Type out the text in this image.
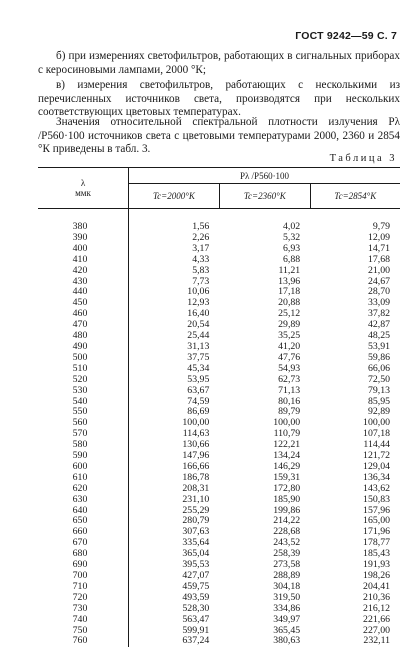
ГОСТ 9242—59 С. 7
б) при измерениях светофильтров, работающих в сигнальных приборах с керосиновыми лампами, 2000 °К;
в) измерения светофильтров, работающих с несколькими из перечисленных источников света, производятся при нескольких соответствующих цветовых температурах.
Значения относительной спектральной плотности излучения Pλ /P560·100 источников света с цветовыми температурами 2000, 2360 и 2854 °К приведены в табл. 3.
Таблица 3
λ
ммк	Pλ /P560·100		
	Tc=2000°К	Tc=2360°К	Tc=2854°К

380	1,56	4,02	9,79
390	2,26	5,32	12,09
400	3,17	6,93	14,71
410	4,33	6,88	17,68
420	5,83	11,21	21,00
430	7,73	13,96	24,67
440	10,06	17,18	28,70
450	12,93	20,88	33,09
460	16,40	25,12	37,82
470	20,54	29,89	42,87
480	25,44	35,25	48,25
490	31,13	41,20	53,91
500	37,75	47,76	59,86
510	45,34	54,93	66,06
520	53,95	62,73	72,50
530	63,67	71,13	79,13
540	74,59	80,16	85,95
550	86,69	89,79	92,89
560	100,00	100,00	100,00
570	114,63	110,79	107,18
580	130,66	122,21	114,44
590	147,96	134,24	121,72
600	166,66	146,29	129,04
610	186,78	159,31	136,34
620	208,31	172,80	143,62
630	231,10	185,90	150,83
640	255,29	199,86	157,96
650	280,79	214,22	165,00
660	307,63	228,68	171,96
670	335,64	243,52	178,77
680	365,04	258,39	185,43
690	395,53	273,58	191,93
700	427,07	288,89	198,26
710	459,75	304,18	204,41
720	493,59	319,50	210,36
730	528,30	334,86	216,12
740	563,47	349,97	221,66
750	599,91	365,45	227,00
760	637,24	380,63	232,11
